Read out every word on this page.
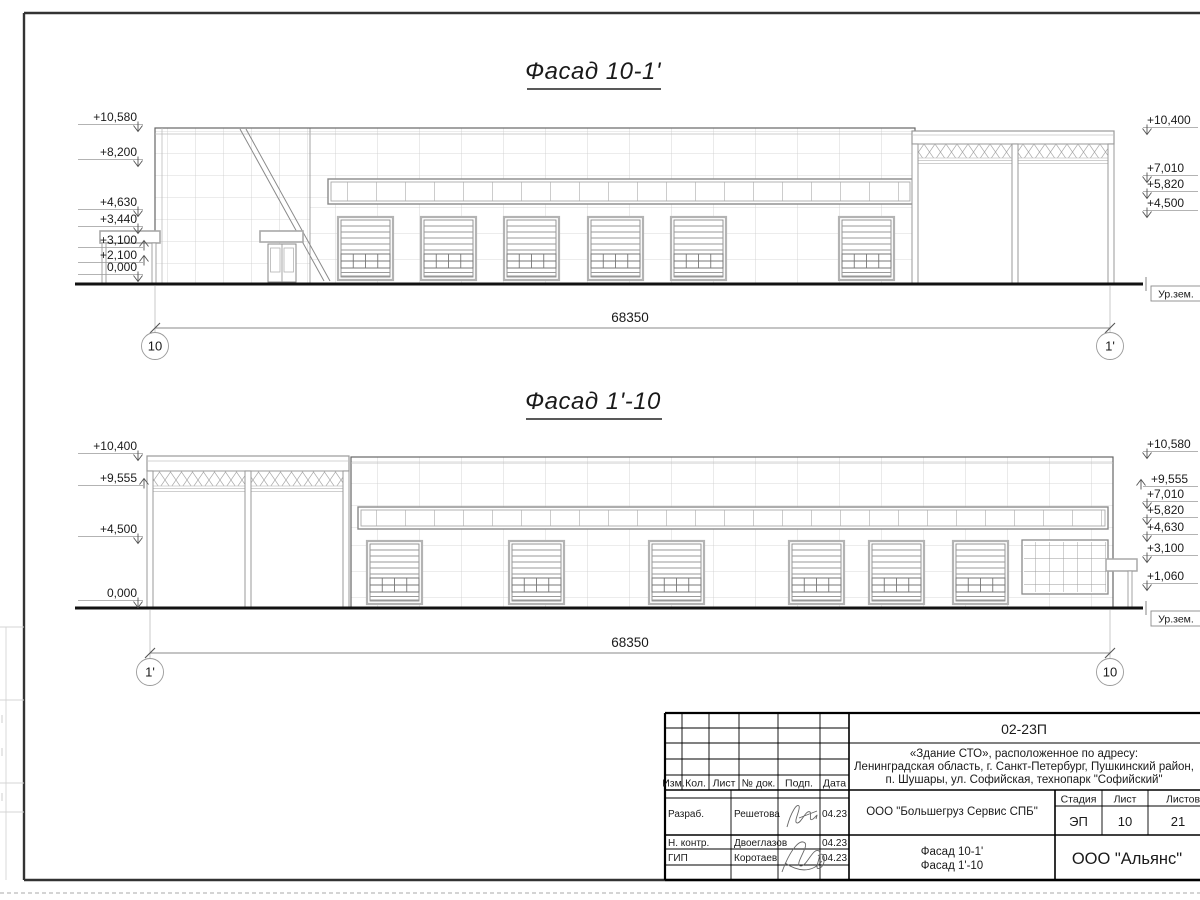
Фасад 10-1'
Фасад 1'-10
Ур.зем.
68350
10	1'
+10,580
+8,200
+4,630
+3,440
+3,100
+2,100
0,000
+10,400
+7,010
+5,820
+4,500
Ур.зем.
68350
1'	10
+10,400
+9,555
+4,500
0,000
+10,580
+9,555
+7,010
+5,820
+4,630
+3,100
+1,060
Изм. Кол. Лист № док. Подп. Дата
Разраб.	Решетова	04.23
Н. контр. Двоеглазов	04.23
ГИП	Коротаев	04.23
02-23П
«Здание СТО», расположенное по адресу:
Ленинградская область, г. Санкт-Петербург, Пушкинский район,
п. Шушары, ул. Софийская, технопарк "Софийский"
ООО "Большегруз Сервис СПБ"
Стадия Лист	Листов
ЭП 10	21
Фасад 10-1'
Фасад 1'-10	ООО "Альянс"
